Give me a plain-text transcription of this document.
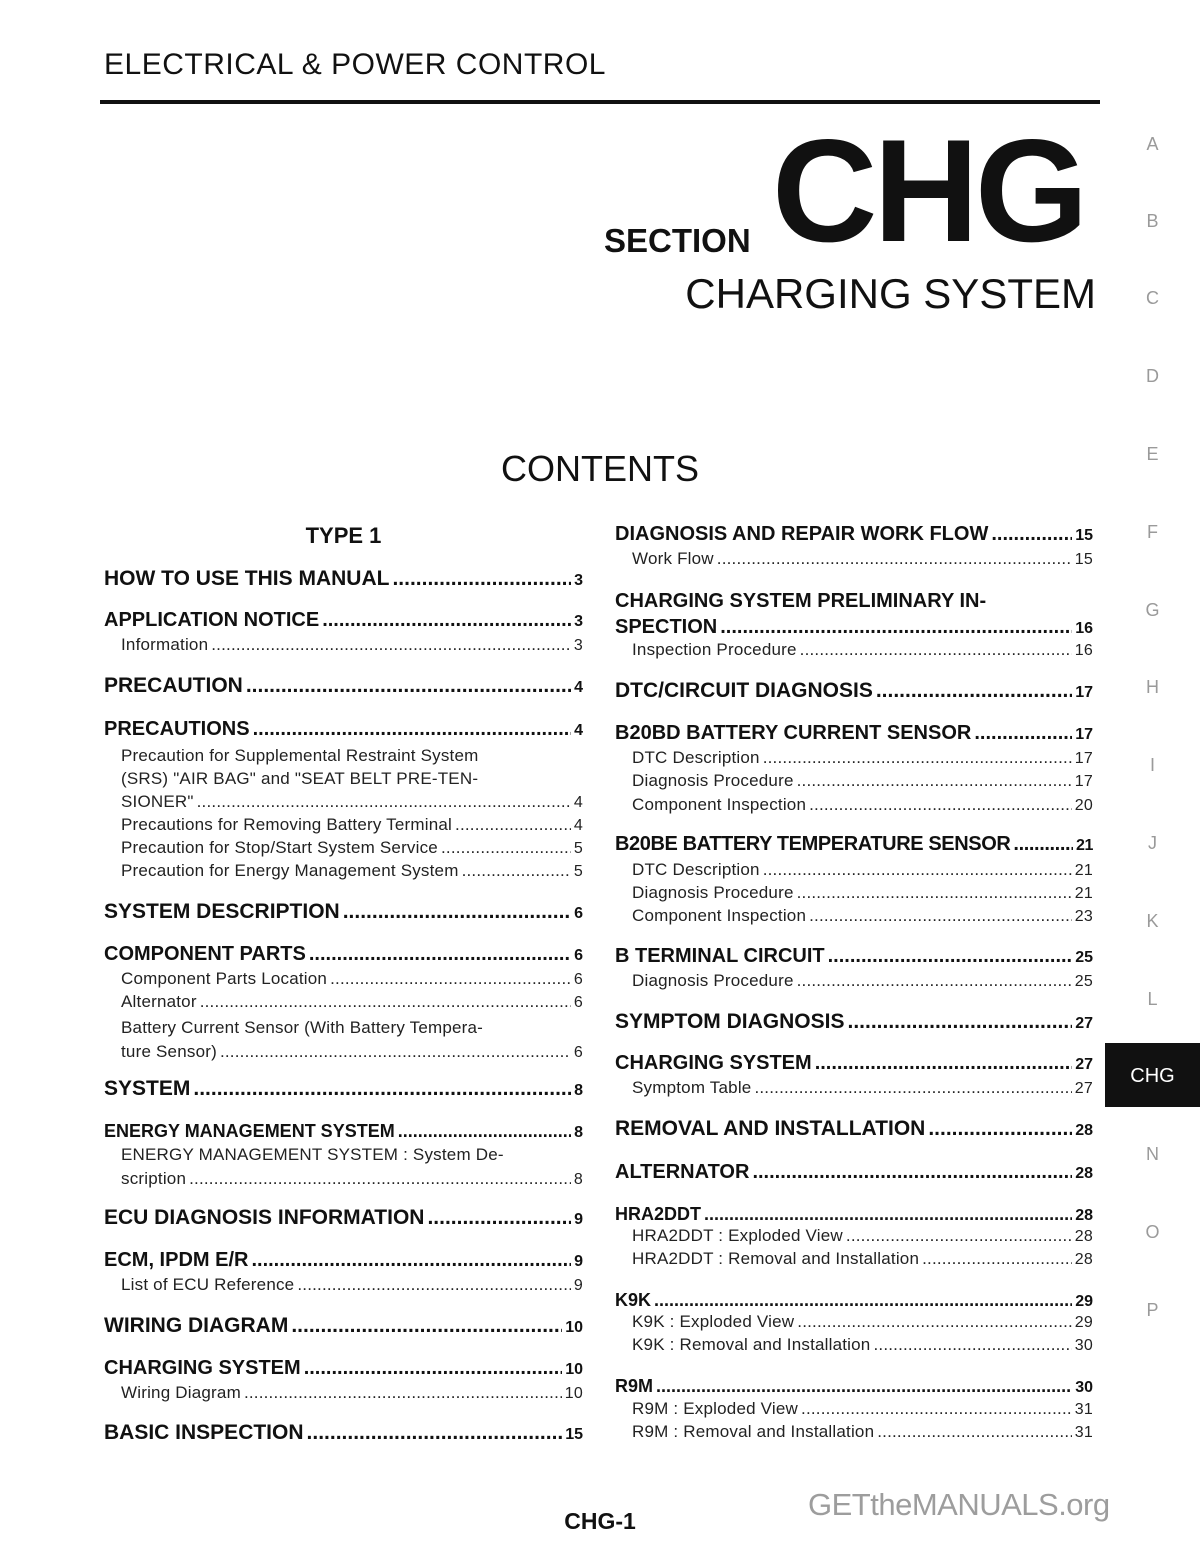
ELECTRICAL & POWER CONTROL
SECTION CHG
CHARGING SYSTEM
CONTENTS
A
B
C
D
E
F
G
H
I
J
K
L
N
O
P
CHG
TYPE 1
HOW TO USE THIS MANUAL .....	3
APPLICATION NOTICE .....	3
Information .....	3
PRECAUTION .....	4
PRECAUTIONS .....	4
Precaution for Supplemental Restraint System
(SRS) "AIR BAG" and "SEAT BELT PRE-TEN-
SIONER" .....	4
Precautions for Removing Battery Terminal .....	4
Precaution for Stop/Start System Service .....	5
Precaution for Energy Management System .....	5
SYSTEM DESCRIPTION .....	6
COMPONENT PARTS .....	6
Component Parts Location .....	6
Alternator .....	6
Battery Current Sensor (With Battery Tempera-
ture Sensor) .....	6
SYSTEM .....	8
ENERGY MANAGEMENT SYSTEM .....	8
ENERGY MANAGEMENT SYSTEM : System De-
scription .....	8
ECU DIAGNOSIS INFORMATION .....	9
ECM, IPDM E/R .....	9
List of ECU Reference .....	9
WIRING DIAGRAM .....	10
CHARGING SYSTEM .....	10
Wiring Diagram .....	10
BASIC INSPECTION .....	15
DIAGNOSIS AND REPAIR WORK FLOW .....	15
Work Flow .....	15
CHARGING SYSTEM PRELIMINARY IN-
SPECTION .....	16
Inspection Procedure .....	16
DTC/CIRCUIT DIAGNOSIS .....	17
B20BD BATTERY CURRENT SENSOR .....	17
DTC Description .....	17
Diagnosis Procedure .....	17
Component Inspection .....	20
B20BE BATTERY TEMPERATURE SENSOR .....	21
DTC Description .....	21
Diagnosis Procedure .....	21
Component Inspection .....	23
B TERMINAL CIRCUIT .....	25
Diagnosis Procedure .....	25
SYMPTOM DIAGNOSIS .....	27
CHARGING SYSTEM .....	27
Symptom Table .....	27
REMOVAL AND INSTALLATION .....	28
ALTERNATOR .....	28
HRA2DDT .....	28
HRA2DDT : Exploded View .....	28
HRA2DDT : Removal and Installation .....	28
K9K .....	29
K9K : Exploded View .....	29
K9K : Removal and Installation .....	30
R9M .....	30
R9M : Exploded View .....	31
R9M : Removal and Installation .....	31
CHG-1	GETtheMANUALS.org
